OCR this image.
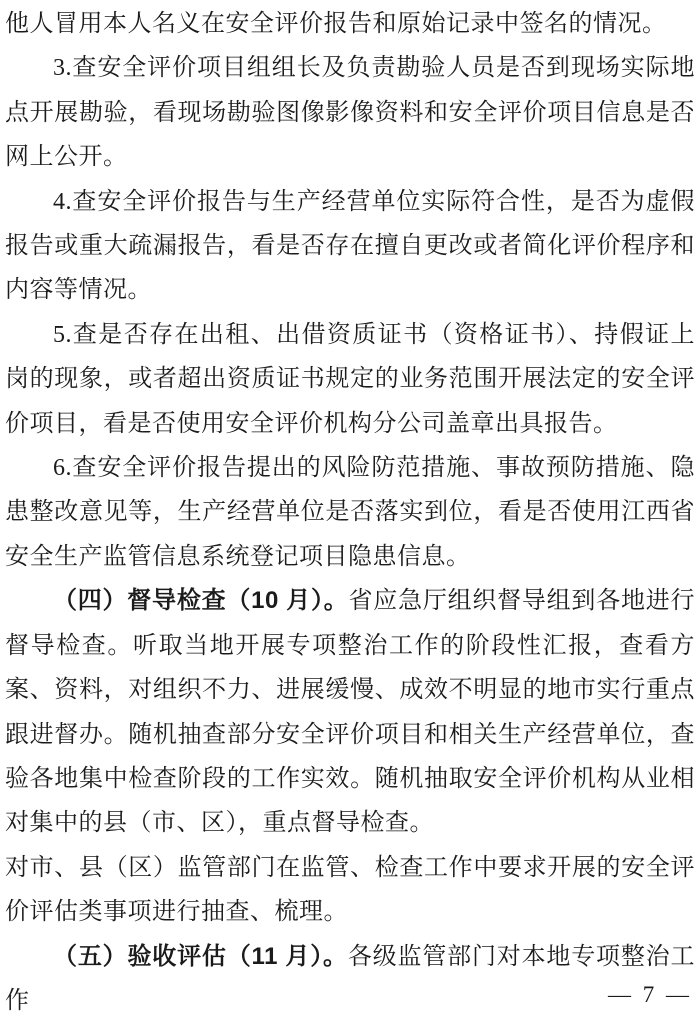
他人冒用本人名义在安全评价报告和原始记录中签名的情况。

3.查安全评价项目组组长及负责勘验人员是否到现场实际地点开展勘验，看现场勘验图像影像资料和安全评价项目信息是否网上公开。

4.查安全评价报告与生产经营单位实际符合性，是否为虚假报告或重大疏漏报告，看是否存在擅自更改或者简化评价程序和内容等情况。

5.查是否存在出租、出借资质证书（资格证书）、持假证上岗的现象，或者超出资质证书规定的业务范围开展法定的安全评价项目，看是否使用安全评价机构分公司盖章出具报告。

6.查安全评价报告提出的风险防范措施、事故预防措施、隐患整改意见等，生产经营单位是否落实到位，看是否使用江西省安全生产监管信息系统登记项目隐患信息。

（四）督导检查（10 月）。省应急厅组织督导组到各地进行督导检查。听取当地开展专项整治工作的阶段性汇报，查看方案、资料，对组织不力、进展缓慢、成效不明显的地市实行重点跟进督办。随机抽查部分安全评价项目和相关生产经营单位，查验各地集中检查阶段的工作实效。随机抽取安全评价机构从业相对集中的县（市、区），重点督导检查。

对市、县（区）监管部门在监管、检查工作中要求开展的安全评价评估类事项进行抽查、梳理。

（五）验收评估（11 月）。各级监管部门对本地专项整治工作	— 7 —
